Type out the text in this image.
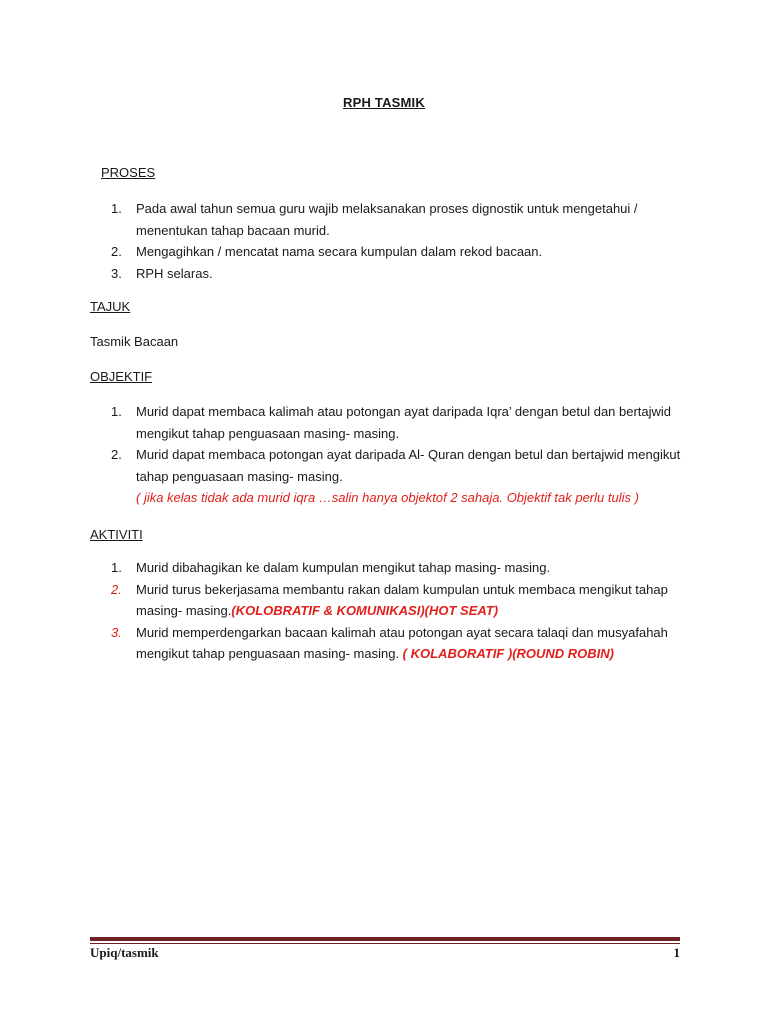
RPH TASMIK

PROSES

1. Pada awal tahun semua guru wajib melaksanakan proses dignostik untuk mengetahui / menentukan tahap bacaan murid.
2. Mengagihkan / mencatat nama secara kumpulan dalam rekod bacaan.
3. RPH selaras.

TAJUK

Tasmik Bacaan

OBJEKTIF

1. Murid dapat membaca kalimah atau potongan ayat daripada Iqra’ dengan betul dan bertajwid mengikut tahap penguasaan masing- masing.
2. Murid dapat membaca potongan ayat daripada Al- Quran dengan betul dan bertajwid mengikut tahap penguasaan masing- masing.
( jika kelas tidak ada murid iqra …salin hanya objektof 2 sahaja. Objektif tak perlu tulis )

AKTIVITI

1. Murid dibahagikan ke dalam kumpulan mengikut tahap masing- masing.
2. Murid turus bekerjasama membantu rakan dalam kumpulan untuk membaca mengikut tahap masing- masing.(KOLOBRATIF & KOMUNIKASI)(HOT SEAT)
3. Murid memperdengarkan bacaan kalimah atau potongan ayat secara talaqi dan musyafahah mengikut tahap penguasaan masing- masing. ( KOLABORATIF )(ROUND ROBIN)
Upiq/tasmik	1
